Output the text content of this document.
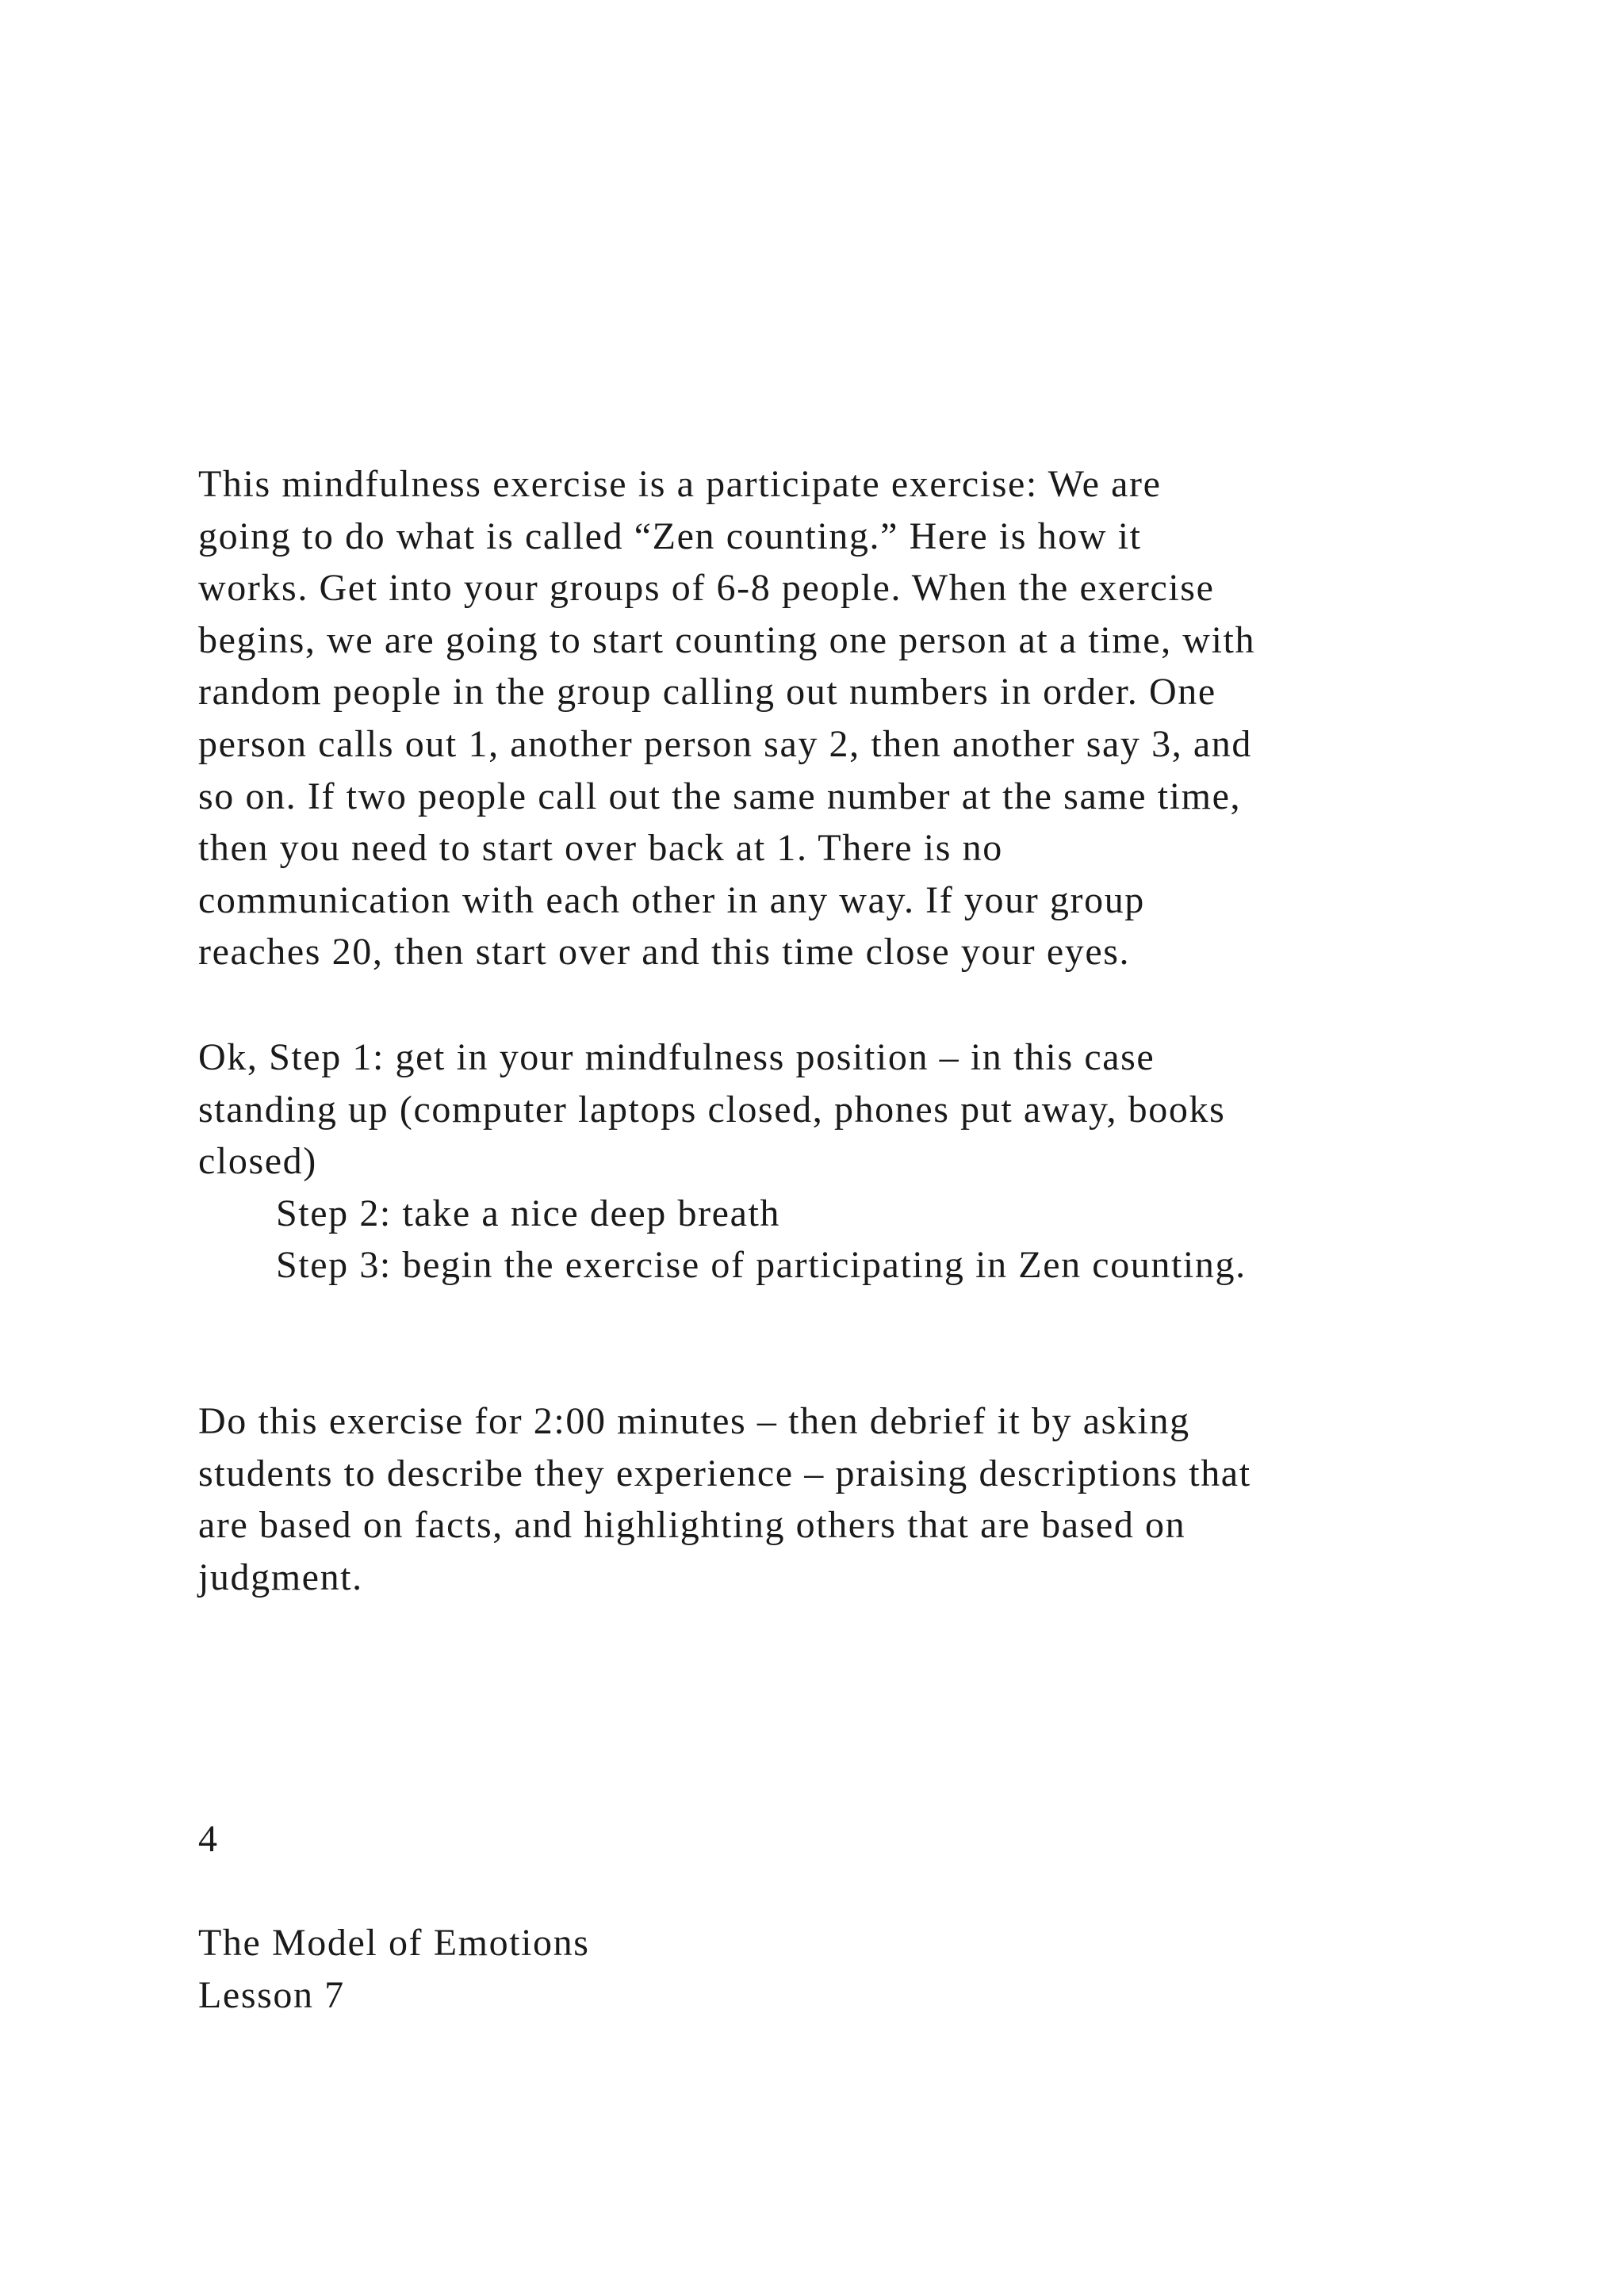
This mindfulness exercise is a participate exercise: We are
going to do what is called “Zen counting.” Here is how it
works. Get into your groups of 6-8 people. When the exercise
begins, we are going to start counting one person at a time, with
random people in the group calling out numbers in order. One
person calls out 1, another person say 2, then another say 3, and
so on. If two people call out the same number at the same time,
then you need to start over back at 1. There is no
communication with each other in any way. If your group
reaches 20, then start over and this time close your eyes.
Ok, Step 1: get in your mindfulness position – in this case
standing up (computer laptops closed, phones put away, books
closed)
Step 2: take a nice deep breath
Step 3: begin the exercise of participating in Zen counting.
Do this exercise for 2:00 minutes – then debrief it by asking
students to describe they experience – praising descriptions that
are based on facts, and highlighting others that are based on
judgment.
4
The Model of Emotions
Lesson 7
